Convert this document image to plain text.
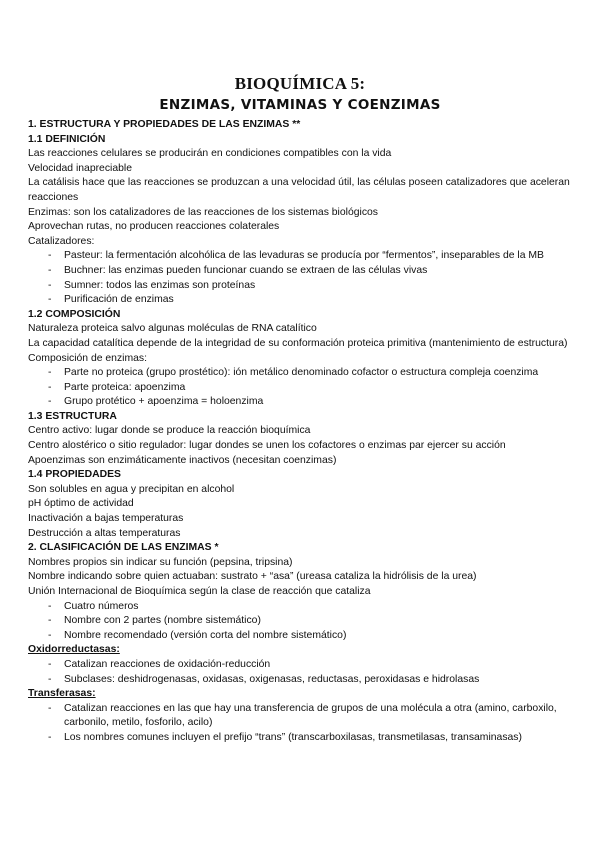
BIOQUÍMICA 5:

ENZIMAS, VITAMINAS Y COENZIMAS

1. ESTRUCTURA Y PROPIEDADES DE LAS ENZIMAS **

1.1 DEFINICIÓN

Las reacciones celulares se producirán en condiciones compatibles con la vida

Velocidad inapreciable

La catálisis hace que las reacciones se produzcan a una velocidad útil, las células poseen catalizadores que aceleran reacciones

Enzimas: son los catalizadores de las reacciones de los sistemas biológicos

Aprovechan rutas, no producen reacciones colaterales

Catalizadores:

- Pasteur: la fermentación alcohólica de las levaduras se producía por “fermentos”, inseparables de la MB
- Buchner: las enzimas pueden funcionar cuando se extraen de las células vivas
- Sumner: todos las enzimas son proteínas
- Purificación de enzimas

1.2 COMPOSICIÓN

Naturaleza proteica salvo algunas moléculas de RNA catalítico

La capacidad catalítica depende de la integridad de su conformación proteica primitiva (mantenimiento de estructura)

Composición de enzimas:

- Parte no proteica (grupo prostético): ión metálico denominado cofactor o estructura compleja coenzima
- Parte proteica: apoenzima
- Grupo protético + apoenzima = holoenzima

1.3 ESTRUCTURA

Centro activo: lugar donde se produce la reacción bioquímica

Centro alostérico o sitio regulador: lugar dondes se unen los cofactores o enzimas par ejercer su acción

Apoenzimas son enzimáticamente inactivos (necesitan coenzimas)

1.4 PROPIEDADES

Son solubles en agua y precipitan en alcohol

pH óptimo de actividad

Inactivación a bajas temperaturas

Destrucción a altas temperaturas

2. CLASIFICACIÓN DE LAS ENZIMAS *

Nombres propios sin indicar su función (pepsina, tripsina)

Nombre indicando sobre quien actuaban: sustrato + “asa” (ureasa cataliza la hidrólisis de la urea)

Unión Internacional de Bioquímica según la clase de reacción que cataliza

- Cuatro números
- Nombre con 2 partes (nombre sistemático)
- Nombre recomendado (versión corta del nombre sistemático)

Oxidorreductasas:

- Catalizan reacciones de oxidación-reducción
- Subclases: deshidrogenasas, oxidasas, oxigenasas, reductasas, peroxidasas e hidrolasas

Transferasas:

- Catalizan reacciones en las que hay una transferencia de grupos de una molécula a otra (amino, carboxilo, carbonilo, metilo, fosforilo, acilo)
- Los nombres comunes incluyen el prefijo “trans” (transcarboxilasas, transmetilasas, transaminasas)
